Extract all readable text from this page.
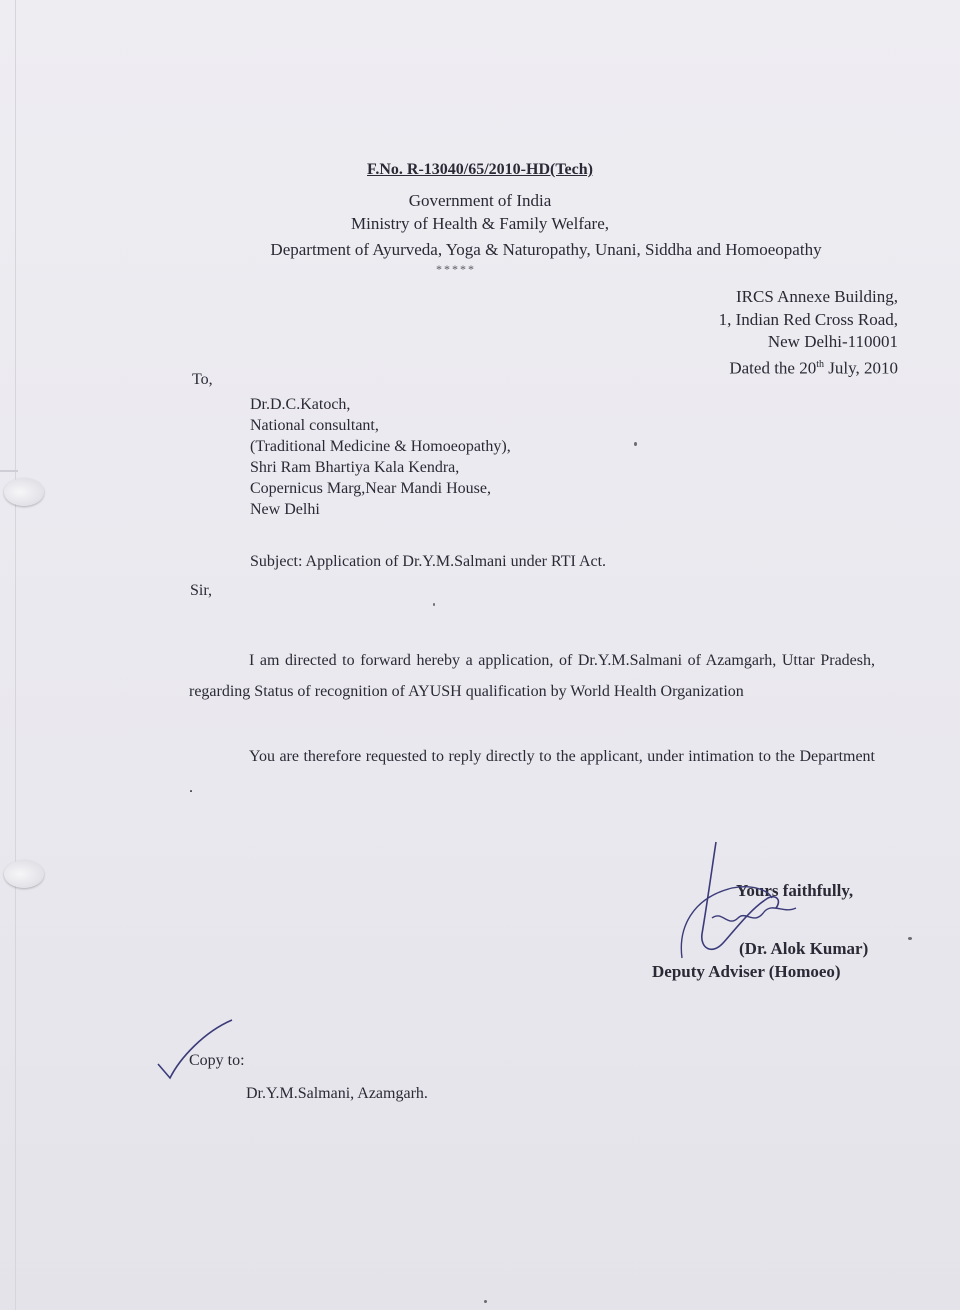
F.No. R-13040/65/2010-HD(Tech)
Government of India
Ministry of Health & Family Welfare,
Department of Ayurveda, Yoga & Naturopathy, Unani, Siddha and Homoeopathy
*****
IRCS Annexe Building,
1, Indian Red Cross Road,
New Delhi-110001
Dated the 20th July, 2010
To,
Dr.D.C.Katoch,
National consultant,
(Traditional Medicine & Homoeopathy),
Shri Ram Bhartiya Kala Kendra,
Copernicus Marg,Near Mandi House,
New Delhi
Subject: Application of Dr.Y.M.Salmani under RTI Act.
Sir,
I am directed to forward hereby a application, of Dr.Y.M.Salmani of Azamgarh, Uttar Pradesh, regarding Status of recognition of AYUSH qualification by World Health Organization
You are therefore requested to reply directly to the applicant, under intimation to the Department .
Yours faithfully,
(Dr. Alok Kumar)
Deputy Adviser (Homoeo)
Copy to:
Dr.Y.M.Salmani, Azamgarh.
